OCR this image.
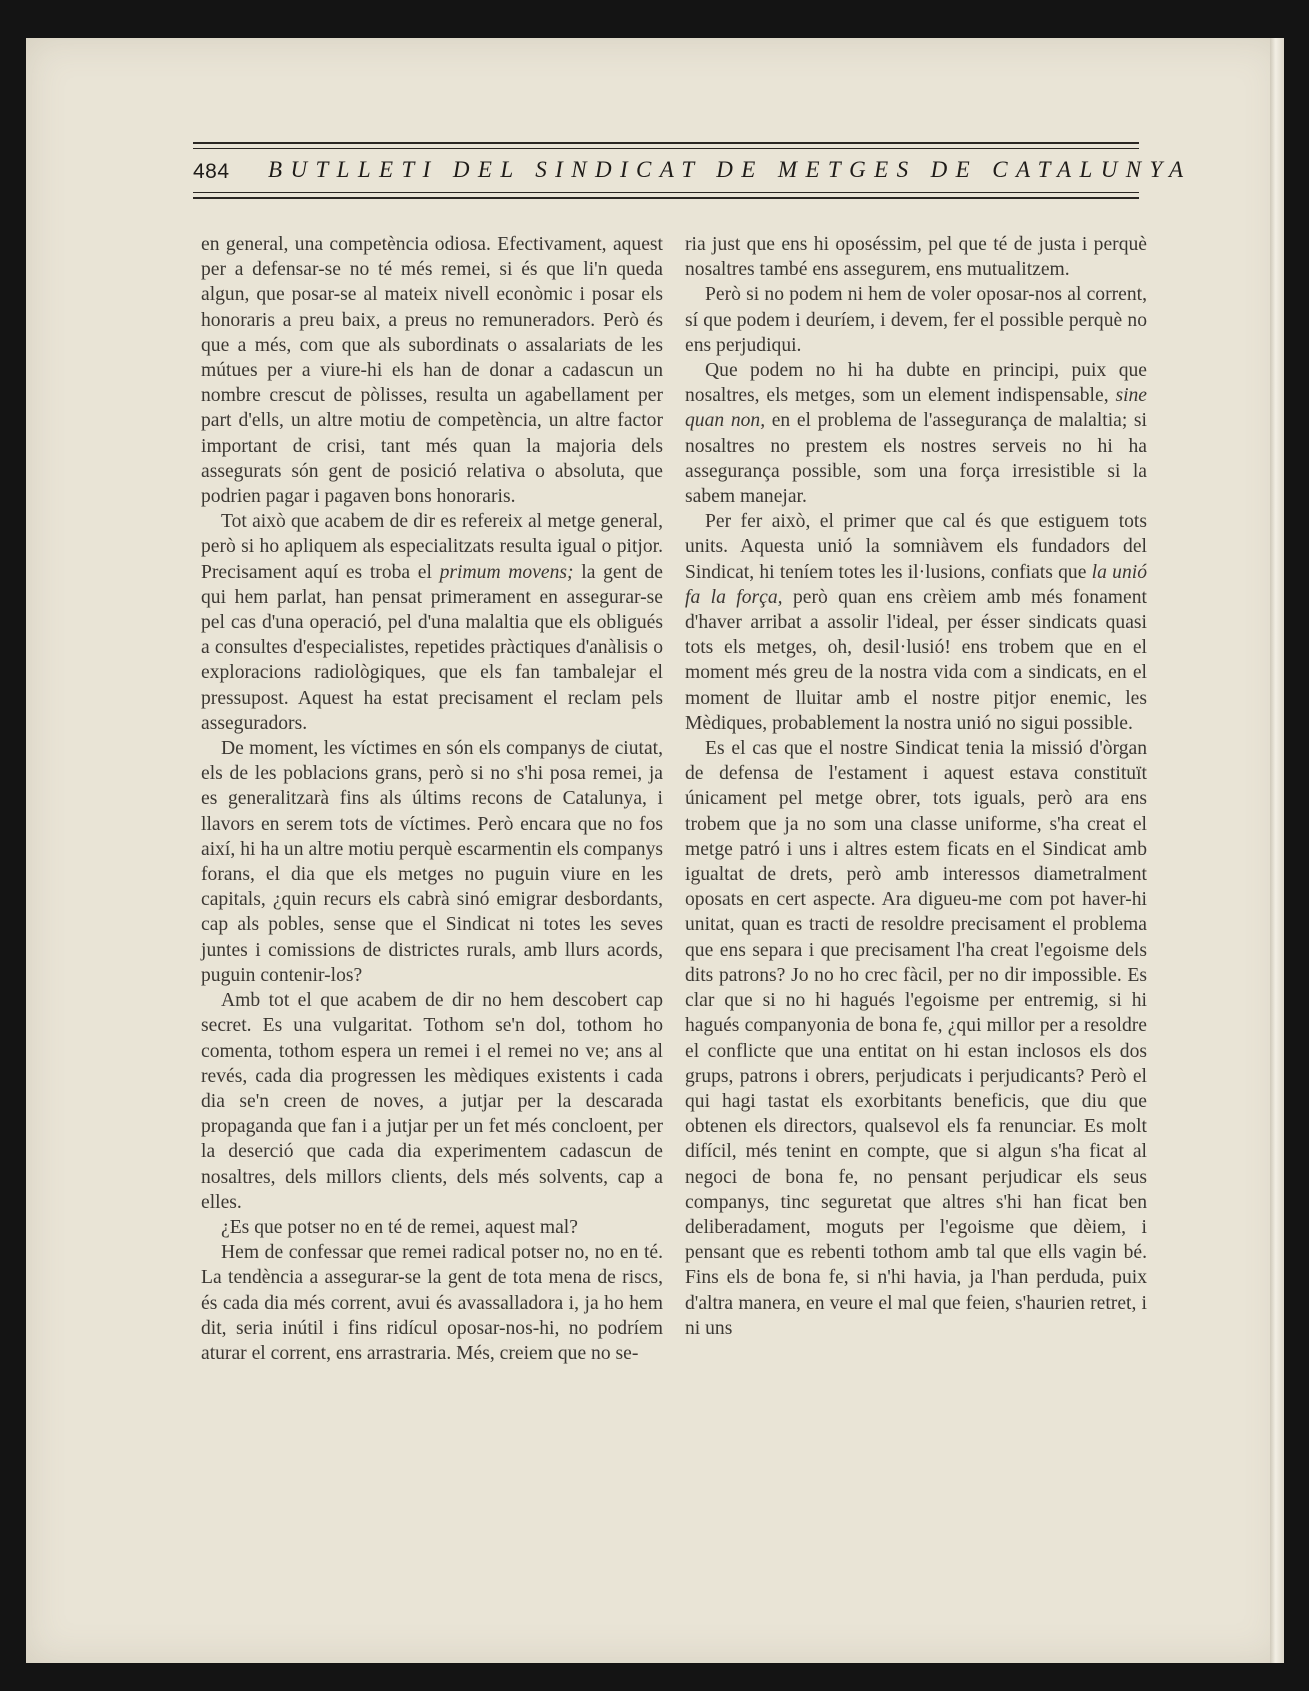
484 BUTLLETI DEL SINDICAT DE METGES DE CATALUNYA

en general, una competència odiosa. Efectivament, aquest per a defensar-se no té més remei, si és que li'n queda algun, que posar-se al mateix nivell econòmic i posar els honoraris a preu baix, a preus no remuneradors. Però és que a més, com que als subordinats o assalariats de les mútues per a viure-hi els han de donar a cadascun un nombre crescut de pòlisses, resulta un agabellament per part d'ells, un altre motiu de competència, un altre factor important de crisi, tant més quan la majoria dels assegurats són gent de posició relativa o absoluta, que podrien pagar i pagaven bons honoraris.

Tot això que acabem de dir es refereix al metge general, però si ho apliquem als especialitzats resulta igual o pitjor. Precisament aquí es troba el primum movens; la gent de qui hem parlat, han pensat primerament en assegurar-se pel cas d'una operació, pel d'una malaltia que els obligués a consultes d'especialistes, repetides pràctiques d'anàlisis o exploracions radiològiques, que els fan tambalejar el pressupost. Aquest ha estat precisament el reclam pels asseguradors.

De moment, les víctimes en són els companys de ciutat, els de les poblacions grans, però si no s'hi posa remei, ja es generalitzarà fins als últims recons de Catalunya, i llavors en serem tots de víctimes. Però encara que no fos així, hi ha un altre motiu perquè escarmentin els companys forans, el dia que els metges no puguin viure en les capitals, ¿quin recurs els cabrà sinó emigrar desbordants, cap als pobles, sense que el Sindicat ni totes les seves juntes i comissions de districtes rurals, amb llurs acords, puguin contenir-los?

Amb tot el que acabem de dir no hem descobert cap secret. Es una vulgaritat. Tothom se'n dol, tothom ho comenta, tothom espera un remei i el remei no ve; ans al revés, cada dia progressen les mèdiques existents i cada dia se'n creen de noves, a jutjar per la descarada propaganda que fan i a jutjar per un fet més concloent, per la deserció que cada dia experimentem cadascun de nosaltres, dels millors clients, dels més solvents, cap a elles.

¿Es que potser no en té de remei, aquest mal?

Hem de confessar que remei radical potser no, no en té. La tendència a assegurar-se la gent de tota mena de riscs, és cada dia més corrent, avui és avassalladora i, ja ho hem dit, seria inútil i fins ridícul oposar-nos-hi, no podríem aturar el corrent, ens arrastraria. Més, creiem que no se-

ria just que ens hi oposéssim, pel que té de justa i perquè nosaltres també ens assegurem, ens mutualitzem.

Però si no podem ni hem de voler oposar-nos al corrent, sí que podem i deuríem, i devem, fer el possible perquè no ens perjudiqui.

Que podem no hi ha dubte en principi, puix que nosaltres, els metges, som un element indispensable, sine quan non, en el problema de l'assegurança de malaltia; si nosaltres no prestem els nostres serveis no hi ha assegurança possible, som una força irresistible si la sabem manejar.

Per fer això, el primer que cal és que estiguem tots units. Aquesta unió la somniàvem els fundadors del Sindicat, hi teníem totes les il·lusions, confiats que la unió fa la força, però quan ens crèiem amb més fonament d'haver arribat a assolir l'ideal, per ésser sindicats quasi tots els metges, oh, desil·lusió! ens trobem que en el moment més greu de la nostra vida com a sindicats, en el moment de lluitar amb el nostre pitjor enemic, les Mèdiques, probablement la nostra unió no sigui possible.

Es el cas que el nostre Sindicat tenia la missió d'òrgan de defensa de l'estament i aquest estava constituït únicament pel metge obrer, tots iguals, però ara ens trobem que ja no som una classe uniforme, s'ha creat el metge patró i uns i altres estem ficats en el Sindicat amb igualtat de drets, però amb interessos diametralment oposats en cert aspecte. Ara digueu-me com pot haver-hi unitat, quan es tracti de resoldre precisament el problema que ens separa i que precisament l'ha creat l'egoisme dels dits patrons? Jo no ho crec fàcil, per no dir impossible. Es clar que si no hi hagués l'egoisme per entremig, si hi hagués companyonia de bona fe, ¿qui millor per a resoldre el conflicte que una entitat on hi estan inclosos els dos grups, patrons i obrers, perjudicats i perjudicants? Però el qui hagi tastat els exorbitants beneficis, que diu que obtenen els directors, qualsevol els fa renunciar. Es molt difícil, més tenint en compte, que si algun s'ha ficat al negoci de bona fe, no pensant perjudicar els seus companys, tinc seguretat que altres s'hi han ficat ben deliberadament, moguts per l'egoisme que dèiem, i pensant que es rebenti tothom amb tal que ells vagin bé. Fins els de bona fe, si n'hi havia, ja l'han perduda, puix d'altra manera, en veure el mal que feien, s'haurien retret, i ni uns
